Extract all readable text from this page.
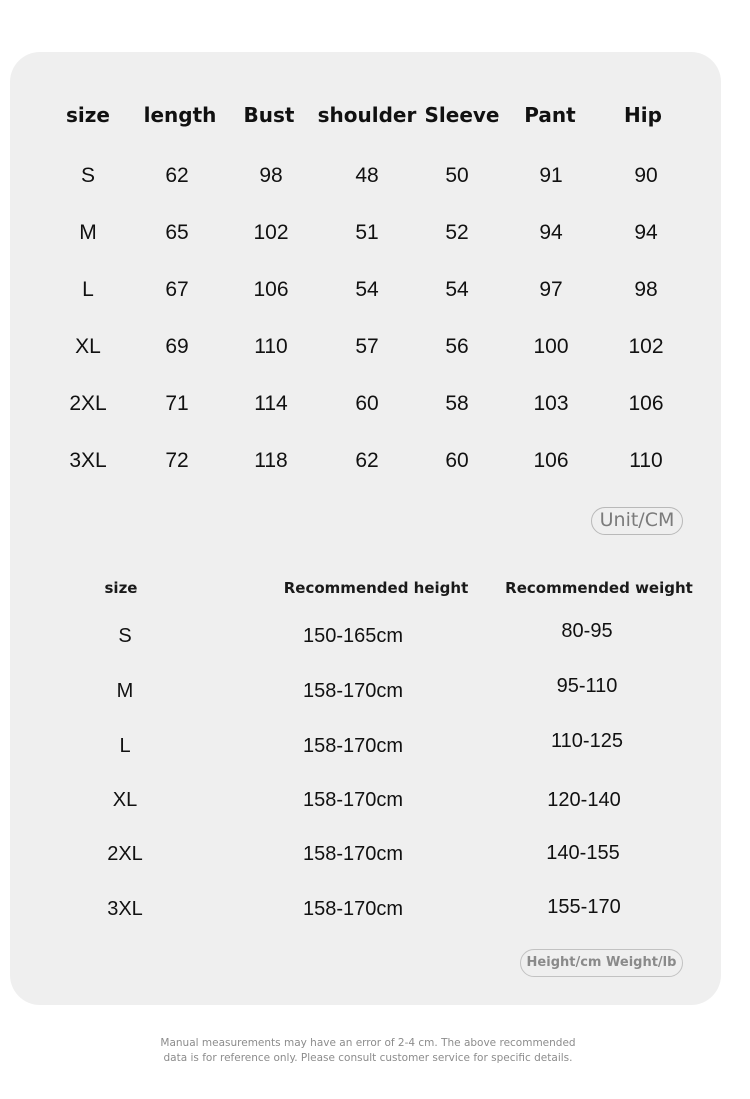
size length Bust shoulder Sleeve Pant Hip
S	62	98	48	50	91	90
M	65	102	51	52	94	94
L	67	106	54	54	97	98
XL	69	110	57	56	100	102
2XL	71	114	60	58	103	106
3XL	72	118	62	60	106	110
Unit/CM
size	Recommended height Recommended weight
S	150-165cm	80-95
M	158-170cm	95-110
L	158-170cm	110-125
XL	158-170cm	120-140
2XL	158-170cm	140-155
3XL	158-170cm	155-170
Height/cm Weight/lb
Manual measurements may have an error of 2-4 cm. The above recommended
data is for reference only. Please consult customer service for specific details.
